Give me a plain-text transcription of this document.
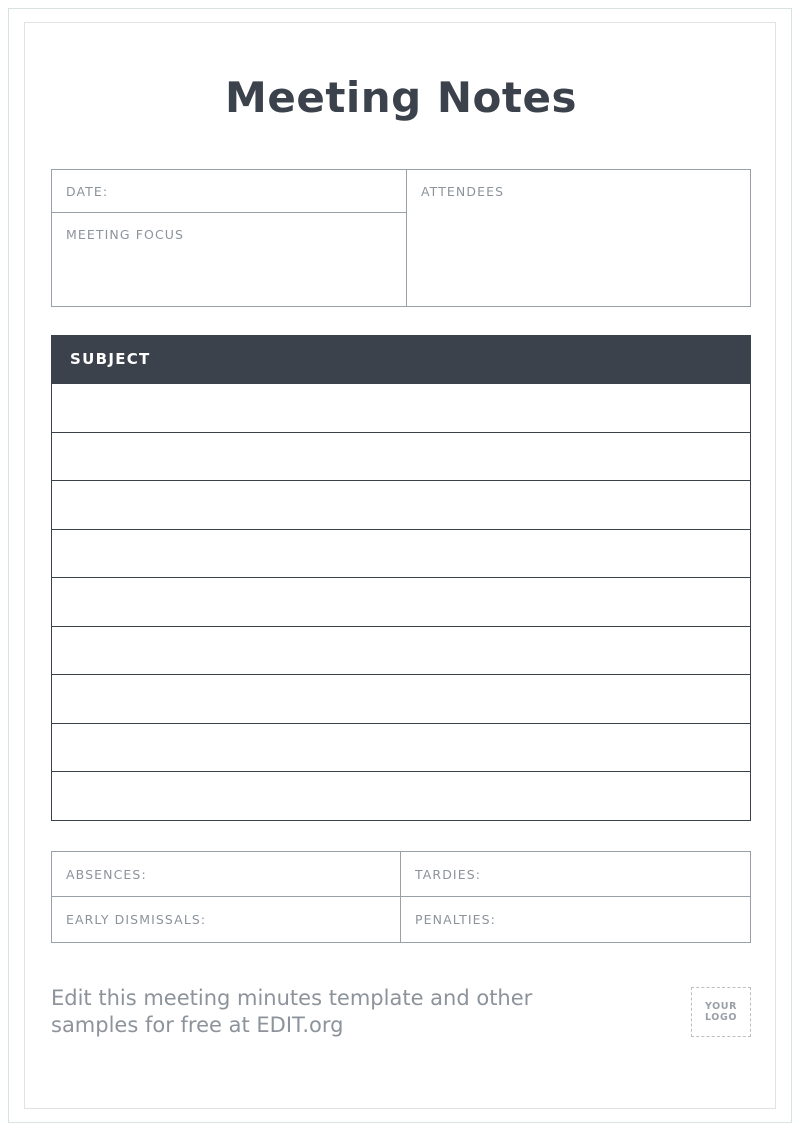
Meeting Notes
DATE:
MEETING FOCUS
ATTENDEES
SUBJECT
ABSENCES:	TARDIES:
EARLY DISMISSALS:	PENALTIES:
Edit this meeting minutes template and other samples for free at EDIT.org
YOUR
LOGO
